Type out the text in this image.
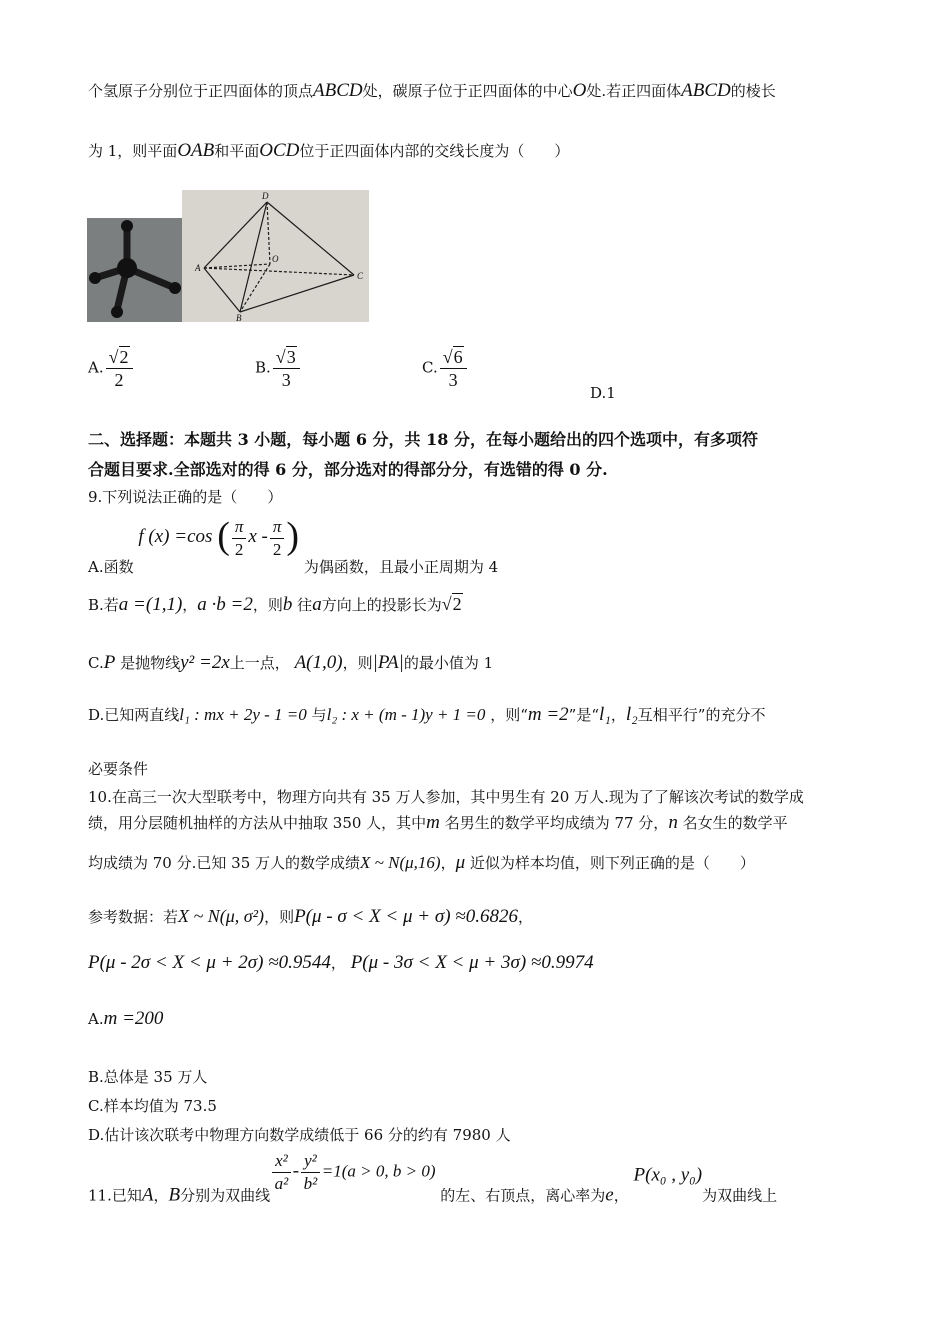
个氢原子分别位于正四面体的顶点ABCD处，碳原子位于正四面体的中心O处.若正四面体ABCD的棱长
为 1，则平面OAB和平面OCD位于正四面体内部的交线长度为（　　）
D
A
O
C
B
A. $\frac{√2}{2}$	B. $\frac{√3}{3}$	C. $\frac{√6}{3}$
D.1
二、选择题：本题共 3 小题，每小题 6 分，共 18 分，在每小题给出的四个选项中，有多项符
合题目要求.全部选对的得 6 分，部分选对的得部分分，有选错的得 0 分.
9.下列说法正确的是（　　）
A.函数 f (x) =cos ( $\frac{\pi}{2}$ x - $\frac{\pi}{2}$ ) 为偶函数，且最小正周期为 4
B.若a =(1,1)，a ·b =2，则b 往a方向上的投影长为√2
C.P 是抛物线y² =2x上一点， A(1,0)，则|PA|的最小值为 1
D.已知两直线l₁ : mx + 2y - 1 =0 与l₂ : x + (m - 1)y + 1 =0 ，则“m =2”是“l₁，l₂互相平行”的充分不
必要条件
10.在高三一次大型联考中，物理方向共有 35 万人参加，其中男生有 20 万人.现为了了解该次考试的数学成
绩，用分层随机抽样的方法从中抽取 350 人，其中m 名男生的数学平均成绩为 77 分，n 名女生的数学平
均成绩为 70 分.已知 35 万人的数学成绩X ~ N(μ,16)，μ 近似为样本均值，则下列正确的是（　　）
参考数据：若X ~ N(μ, σ²)，则P(μ - σ < X < μ + σ) ≈0.6826，
P(μ - 2σ < X < μ + 2σ) ≈0.9544， P(μ - 3σ < X < μ + 3σ) ≈0.9974
A.m =200
B.总体是 35 万人
C.样本均值为 73.5
D.估计该次联考中物理方向数学成绩低于 66 分的约有 7980 人
11.已知A，B分别为双曲线
$\frac{\text{x²}}{\text{a²}} - \frac{\text{y²}}{\text{b²}} =1(a > 0$, b > 0) 的左、右顶点，离心率为e， P(x₀ , y₀)为双曲线上
